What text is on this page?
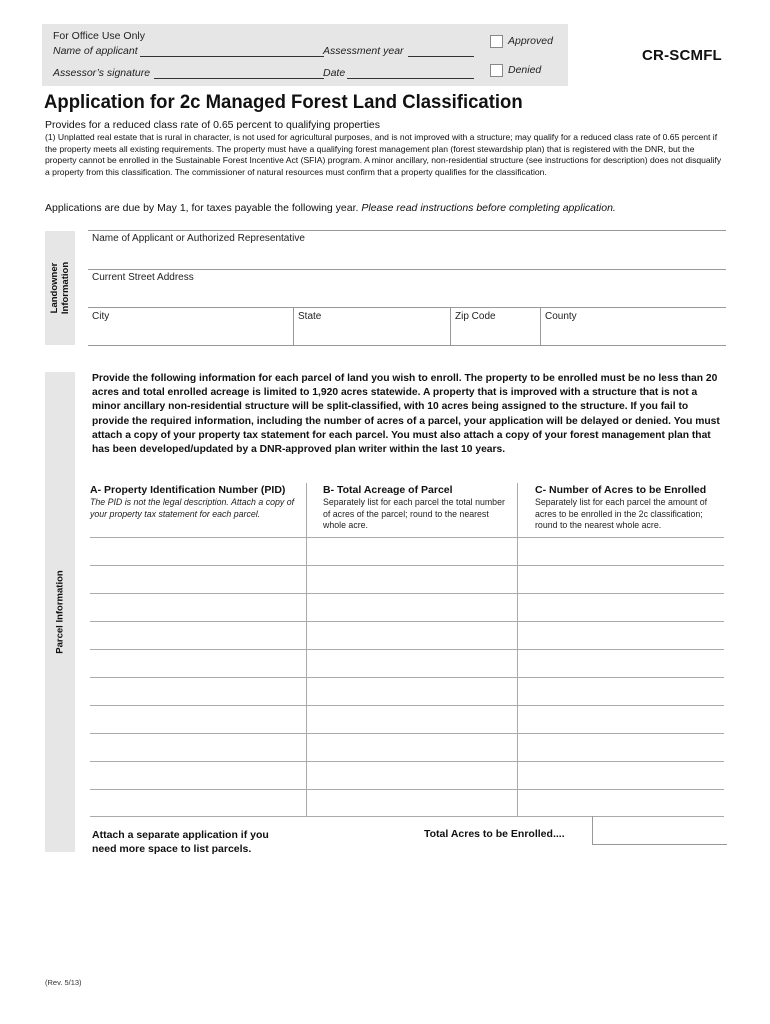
For Office Use Only
Name of applicant	Assessment year
Assessor’s signature	Date
Approved
Denied
CR-SCMFL
Application for 2c Managed Forest Land Classification
Provides for a reduced class rate of 0.65 percent to qualifying properties
(1) Unplatted real estate that is rural in character, is not used for agricultural purposes, and is not improved with a structure; may qualify for a reduced class rate of 0.65 percent if the property meets all existing requirements. The property must have a qualifying forest management plan (forest stewardship plan) that is registered with the DNR, but the property cannot be enrolled in the Sustainable Forest Incentive Act (SFIA) program. A minor ancillary, non-residential structure (see instructions for description) does not disqualify a property from this classification. The commissioner of natural resources must confirm that a property qualifies for the classification.
Applications are due by May 1, for taxes payable the following year. Please read instructions before completing application.
Landowner Information
Name of Applicant or Authorized Representative
Current Street Address
City	State	Zip Code	County
Parcel Information
Provide the following information for each parcel of land you wish to enroll. The property to be enrolled must be no less than 20 acres and total enrolled acreage is limited to 1,920 acres statewide. A property that is improved with a structure that is not a minor ancillary non-residential structure will be split-classified, with 10 acres being assigned to the structure. If you fail to provide the required information, including the number of acres of a parcel, your application will be delayed or denied. You must attach a copy of your property tax statement for each parcel. You must also attach a copy of your forest management plan that has been developed/updated by a DNR-approved plan writer within the last 10 years.
A- Property Identification Number (PID)
The PID is not the legal description. Attach a copy of your property tax statement for each parcel.
B- Total Acreage of Parcel
Separately list for each parcel the total number of acres of the parcel; round to the nearest whole acre.
C- Number of Acres to be Enrolled
Separately list for each parcel the amount of acres to be enrolled in the 2c classification; round to the nearest whole acre.
Attach a separate application if you need more space to list parcels.
Total Acres to be Enrolled....
(Rev. 5/13)
